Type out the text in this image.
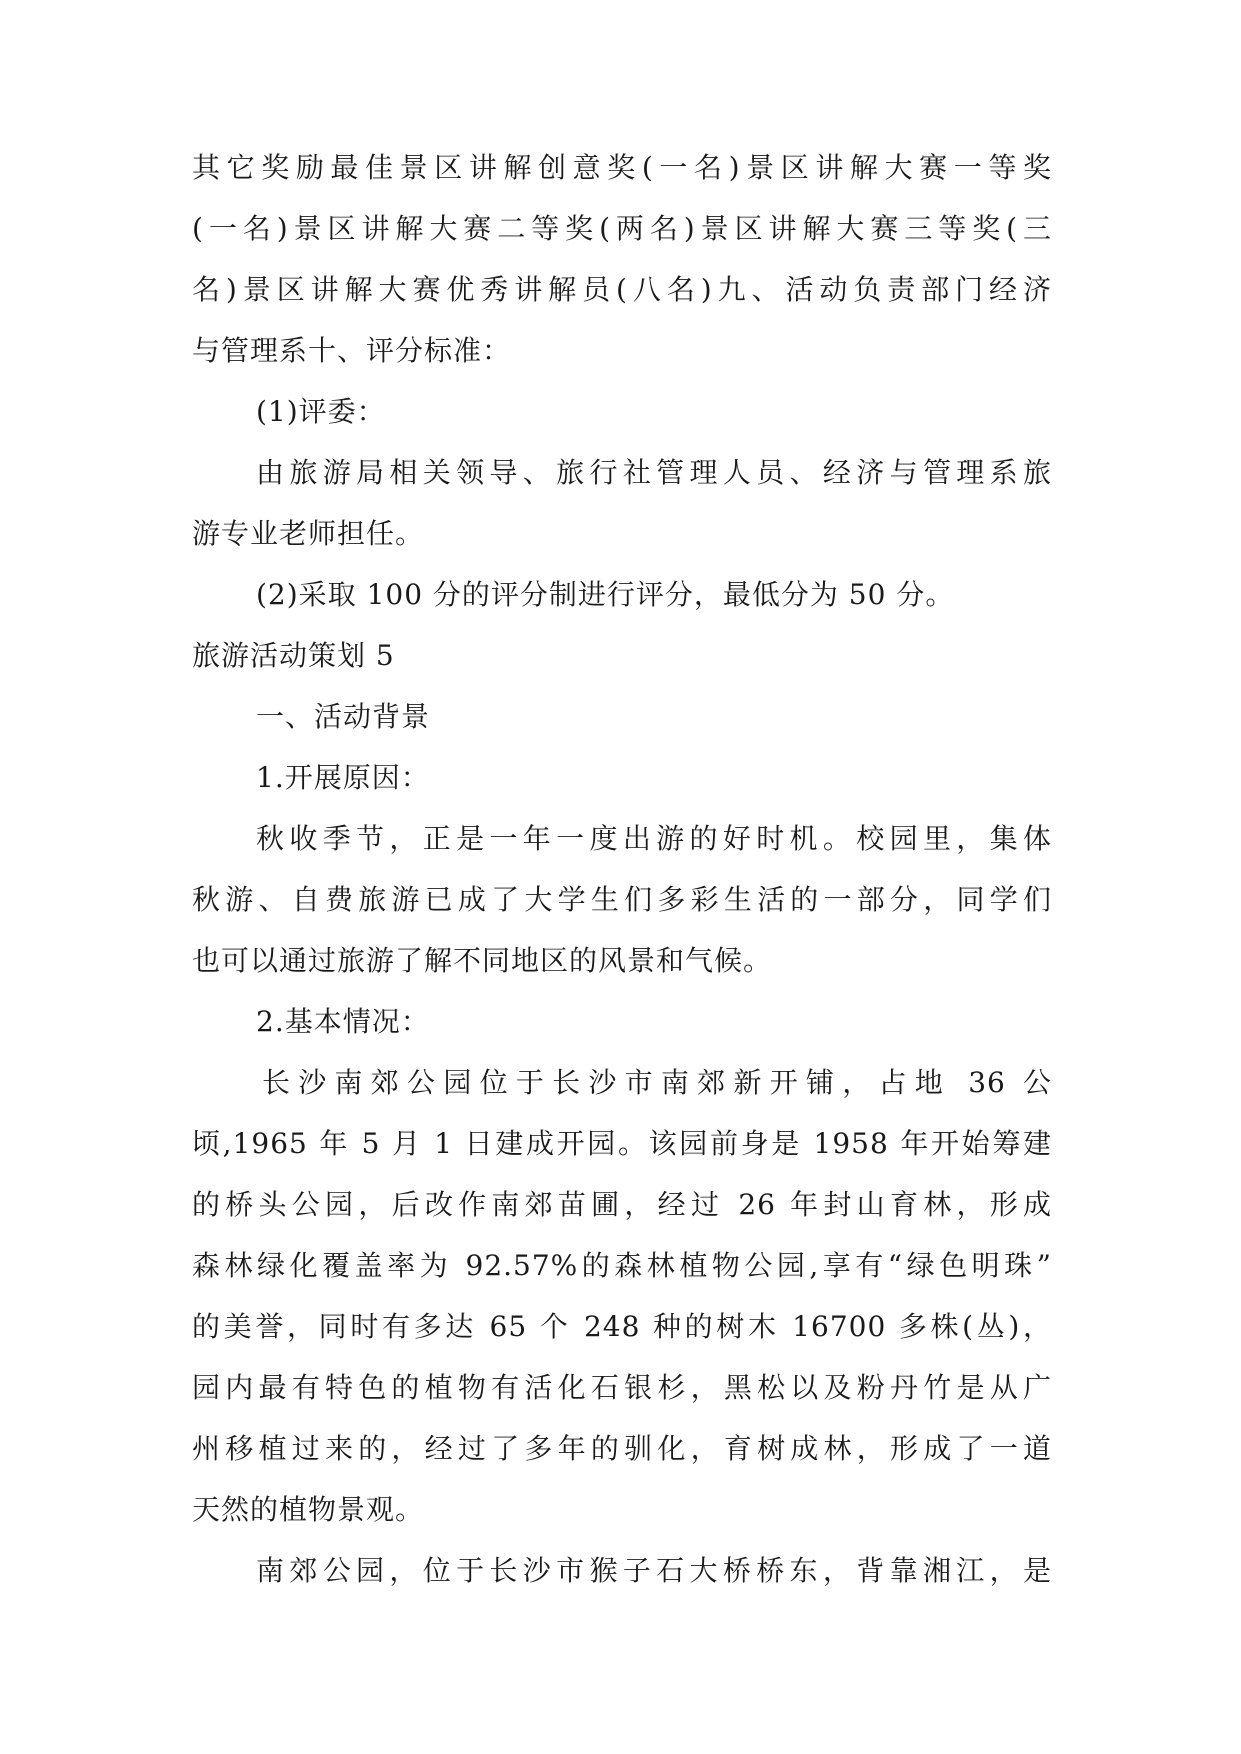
其它奖励最佳景区讲解创意奖(一名)景区讲解大赛一等奖
(一名)景区讲解大赛二等奖(两名)景区讲解大赛三等奖(三
名)景区讲解大赛优秀讲解员(八名)九、活动负责部门经济
与管理系十、评分标准：
(1)评委：
由旅游局相关领导、旅行社管理人员、经济与管理系旅
游专业老师担任。
(2)采取 100 分的评分制进行评分，最低分为 50 分。
旅游活动策划 5
一、活动背景
1.开展原因：
秋收季节，正是一年一度出游的好时机。校园里，集体
秋游、自费旅游已成了大学生们多彩生活的一部分，同学们
也可以通过旅游了解不同地区的风景和气候。
2.基本情况：
长沙南郊公园位于长沙市南郊新开铺，占地 36 公
顷,1965 年 5 月 1 日建成开园。该园前身是 1958 年开始筹建
的桥头公园，后改作南郊苗圃，经过 26 年封山育林，形成
森林绿化覆盖率为 92.57%的森林植物公园,享有“绿色明珠”
的美誉，同时有多达 65 个 248 种的树木 16700 多株(丛)，
园内最有特色的植物有活化石银杉，黑松以及粉丹竹是从广
州移植过来的，经过了多年的驯化，育树成林，形成了一道
天然的植物景观。
南郊公园，位于长沙市猴子石大桥桥东，背靠湘江，是
